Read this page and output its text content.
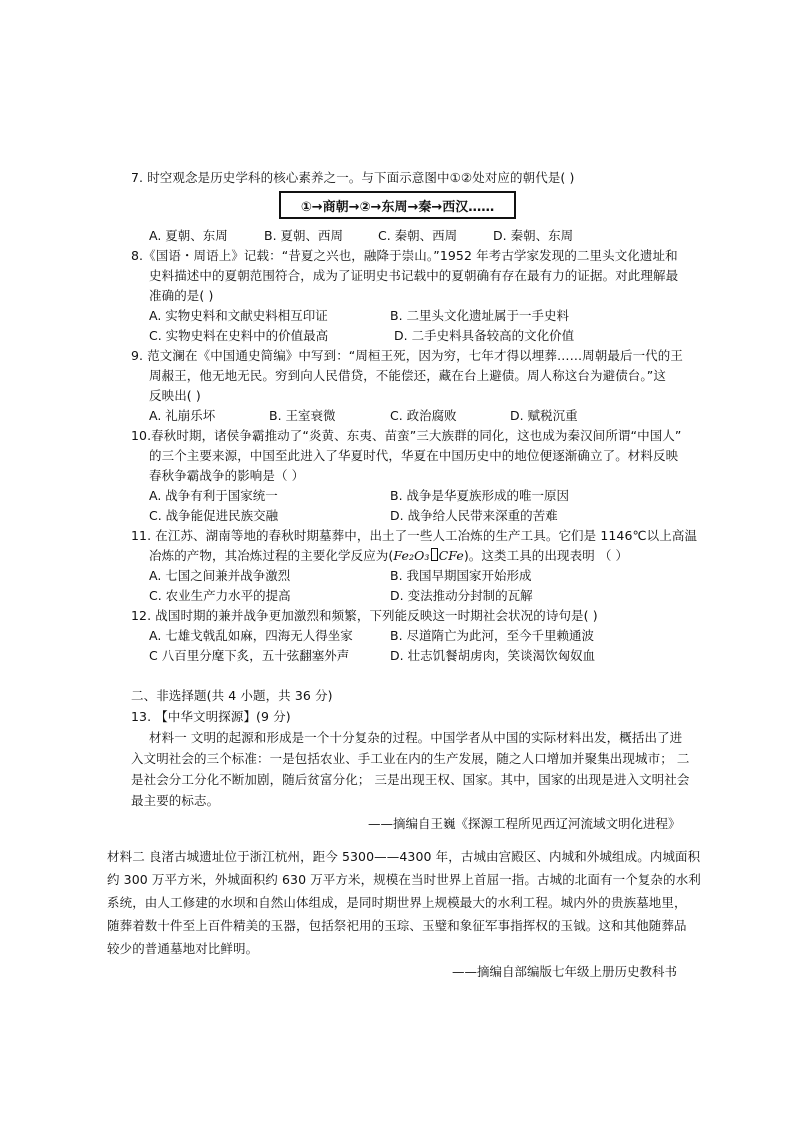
7. 时空观念是历史学科的核心素养之一。与下面示意图中①②处对应的朝代是( )
①→商朝→②→东周→秦→西汉……
A. 夏朝、东周	B. 夏朝、西周	C. 秦朝、西周	D. 秦朝、东周
8.《国语・周语上》记载：“昔夏之兴也，融降于崇山。”1952 年考古学家发现的二里头文化遗址和
史料描述中的夏朝范围符合，成为了证明史书记载中的夏朝确有存在最有力的证据。对此理解最
准确的是( )
A. 实物史料和文献史料相互印证	B. 二里头文化遗址属于一手史料
C. 实物史料在史料中的价值最高	D. 二手史料具备较高的文化价值
9. 范文澜在《中国通史简编》中写到：“周桓王死，因为穷，七年才得以埋葬……周朝最后一代的王
周赧王，他无地无民。穷到向人民借贷，不能偿还，藏在台上避债。周人称这台为避债台。”这
反映出( )
A. 礼崩乐坏	B. 王室衰微	C. 政治腐败	D. 赋税沉重
10.春秋时期，诸侯争霸推动了“炎黄、东夷、苗蛮”三大族群的同化，这也成为秦汉间所谓“中国人”
的三个主要来源，中国至此进入了华夏时代，华夏在中国历史中的地位便逐渐确立了。材料反映
春秋争霸战争的影响是（ ）
A. 战争有利于国家统一	B. 战争是华夏族形成的唯一原因
C. 战争能促进民族交融	D. 战争给人民带来深重的苦难
11. 在江苏、湖南等地的春秋时期墓葬中，出土了一些人工冶炼的生产工具。它们是 1146℃以上高温
冶炼的产物，其冶炼过程的主要化学反应为(Fe₂O₃ CFe)。这类工具的出现表明 （ ）
A. 七国之间兼并战争激烈	B. 我国早期国家开始形成
C. 农业生产力水平的提高	D. 变法推动分封制的瓦解
12. 战国时期的兼并战争更加激烈和频繁，下列能反映这一时期社会状况的诗句是( )
A. 七雄戈戟乱如麻，四海无人得坐家	B. 尽道隋亡为此河，至今千里赖通波
C 八百里分麾下炙，五十弦翻塞外声	D. 壮志饥餐胡虏肉，笑谈渴饮匈奴血
二、非选择题(共 4 小题，共 36 分)
13. 【中华文明探源】(9 分)
材料一 文明的起源和形成是一个十分复杂的过程。中国学者从中国的实际材料出发，概括出了进
入文明社会的三个标准：一是包括农业、手工业在内的生产发展，随之人口增加并聚集出现城市； 二
是社会分工分化不断加剧，随后贫富分化； 三是出现王权、国家。其中，国家的出现是进入文明社会
最主要的标志。
——摘编自王巍《探源工程所见西辽河流域文明化进程》
材料二 良渚古城遗址位于浙江杭州，距今 5300——4300 年，古城由宫殿区、内城和外城组成。内城面积
约 300 万平方米，外城面积约 630 万平方米，规模在当时世界上首屈一指。古城的北面有一个复杂的水利
系统，由人工修建的水坝和自然山体组成，是同时期世界上规模最大的水利工程。城内外的贵族墓地里，
随葬着数十件至上百件精美的玉器，包括祭祀用的玉琮、玉璧和象征军事指挥权的玉钺。这和其他随葬品
较少的普通墓地对比鲜明。
——摘编自部编版七年级上册历史教科书
